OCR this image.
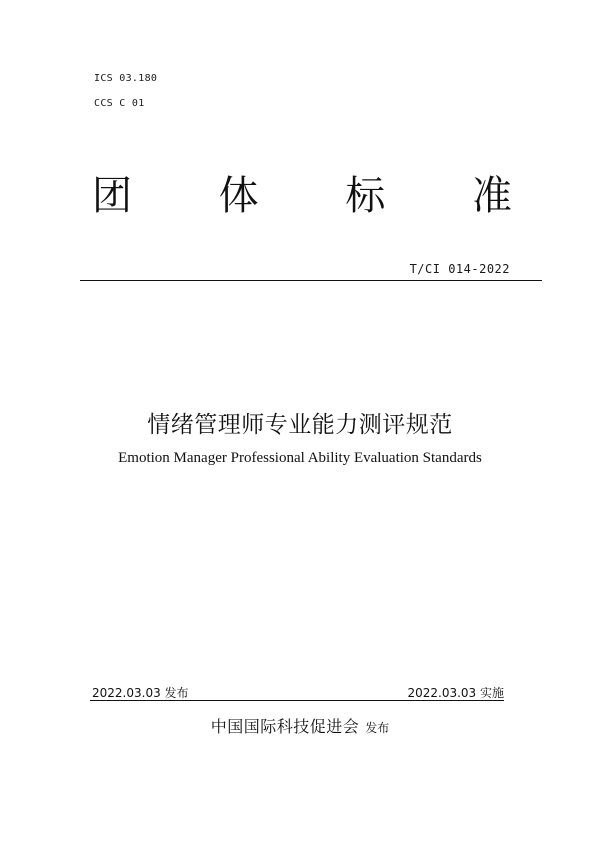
ICS 03.180
CCS C 01
团 体 标 准
T/CI 014-2022
情绪管理师专业能力测评规范
Emotion Manager Professional Ability Evaluation Standards
2022.03.03 发布	2022.03.03 实施
中国国际科技促进会 发布
